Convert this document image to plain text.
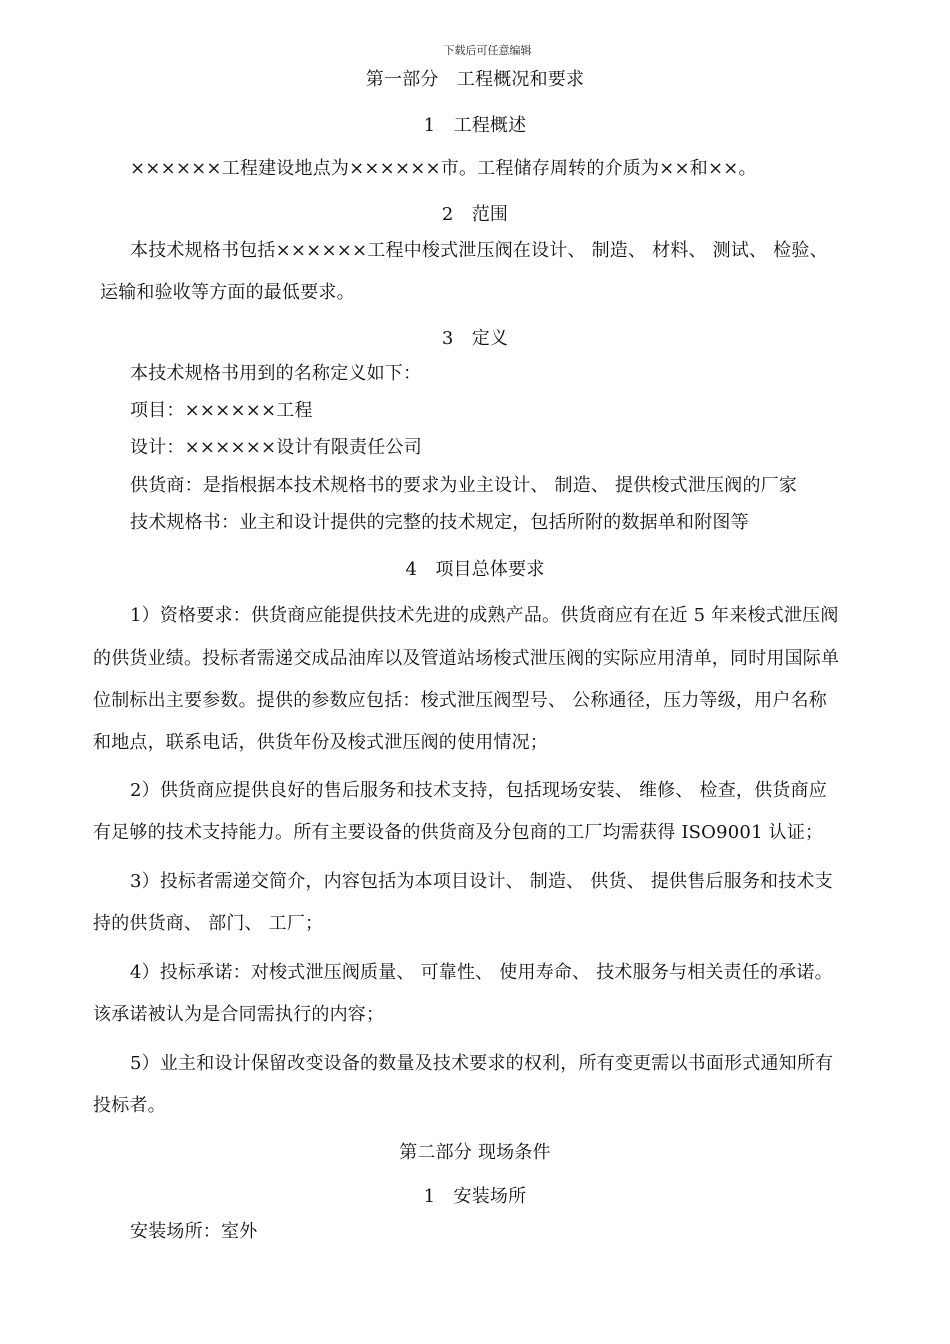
下载后可任意编辑
第一部分　工程概况和要求
1　工程概述
××××××工程建设地点为××××××市。工程储存周转的介质为××和××。
2　范围
本技术规格书包括××××××工程中梭式泄压阀在设计、 制造、 材料、 测试、 检验、
运输和验收等方面的最低要求。
3　定义
本技术规格书用到的名称定义如下：
项目：××××××工程
设计：××××××设计有限责任公司
供货商：是指根据本技术规格书的要求为业主设计、 制造、 提供梭式泄压阀的厂家
技术规格书：业主和设计提供的完整的技术规定，包括所附的数据单和附图等
4　项目总体要求
1）资格要求：供货商应能提供技术先进的成熟产品。供货商应有在近 5 年来梭式泄压阀
的供货业绩。投标者需递交成品油库以及管道站场梭式泄压阀的实际应用清单，同时用国际单
位制标出主要参数。提供的参数应包括：梭式泄压阀型号、 公称通径，压力等级，用户名称
和地点，联系电话，供货年份及梭式泄压阀的使用情况；
2）供货商应提供良好的售后服务和技术支持，包括现场安装、 维修、 检查，供货商应
有足够的技术支持能力。所有主要设备的供货商及分包商的工厂均需获得 ISO9001 认证；
3）投标者需递交简介，内容包括为本项目设计、 制造、 供货、 提供售后服务和技术支
持的供货商、 部门、 工厂；
4）投标承诺：对梭式泄压阀质量、 可靠性、 使用寿命、 技术服务与相关责任的承诺。
该承诺被认为是合同需执行的内容；
5）业主和设计保留改变设备的数量及技术要求的权利，所有变更需以书面形式通知所有
投标者。
第二部分 现场条件
1　安装场所
安装场所：室外
